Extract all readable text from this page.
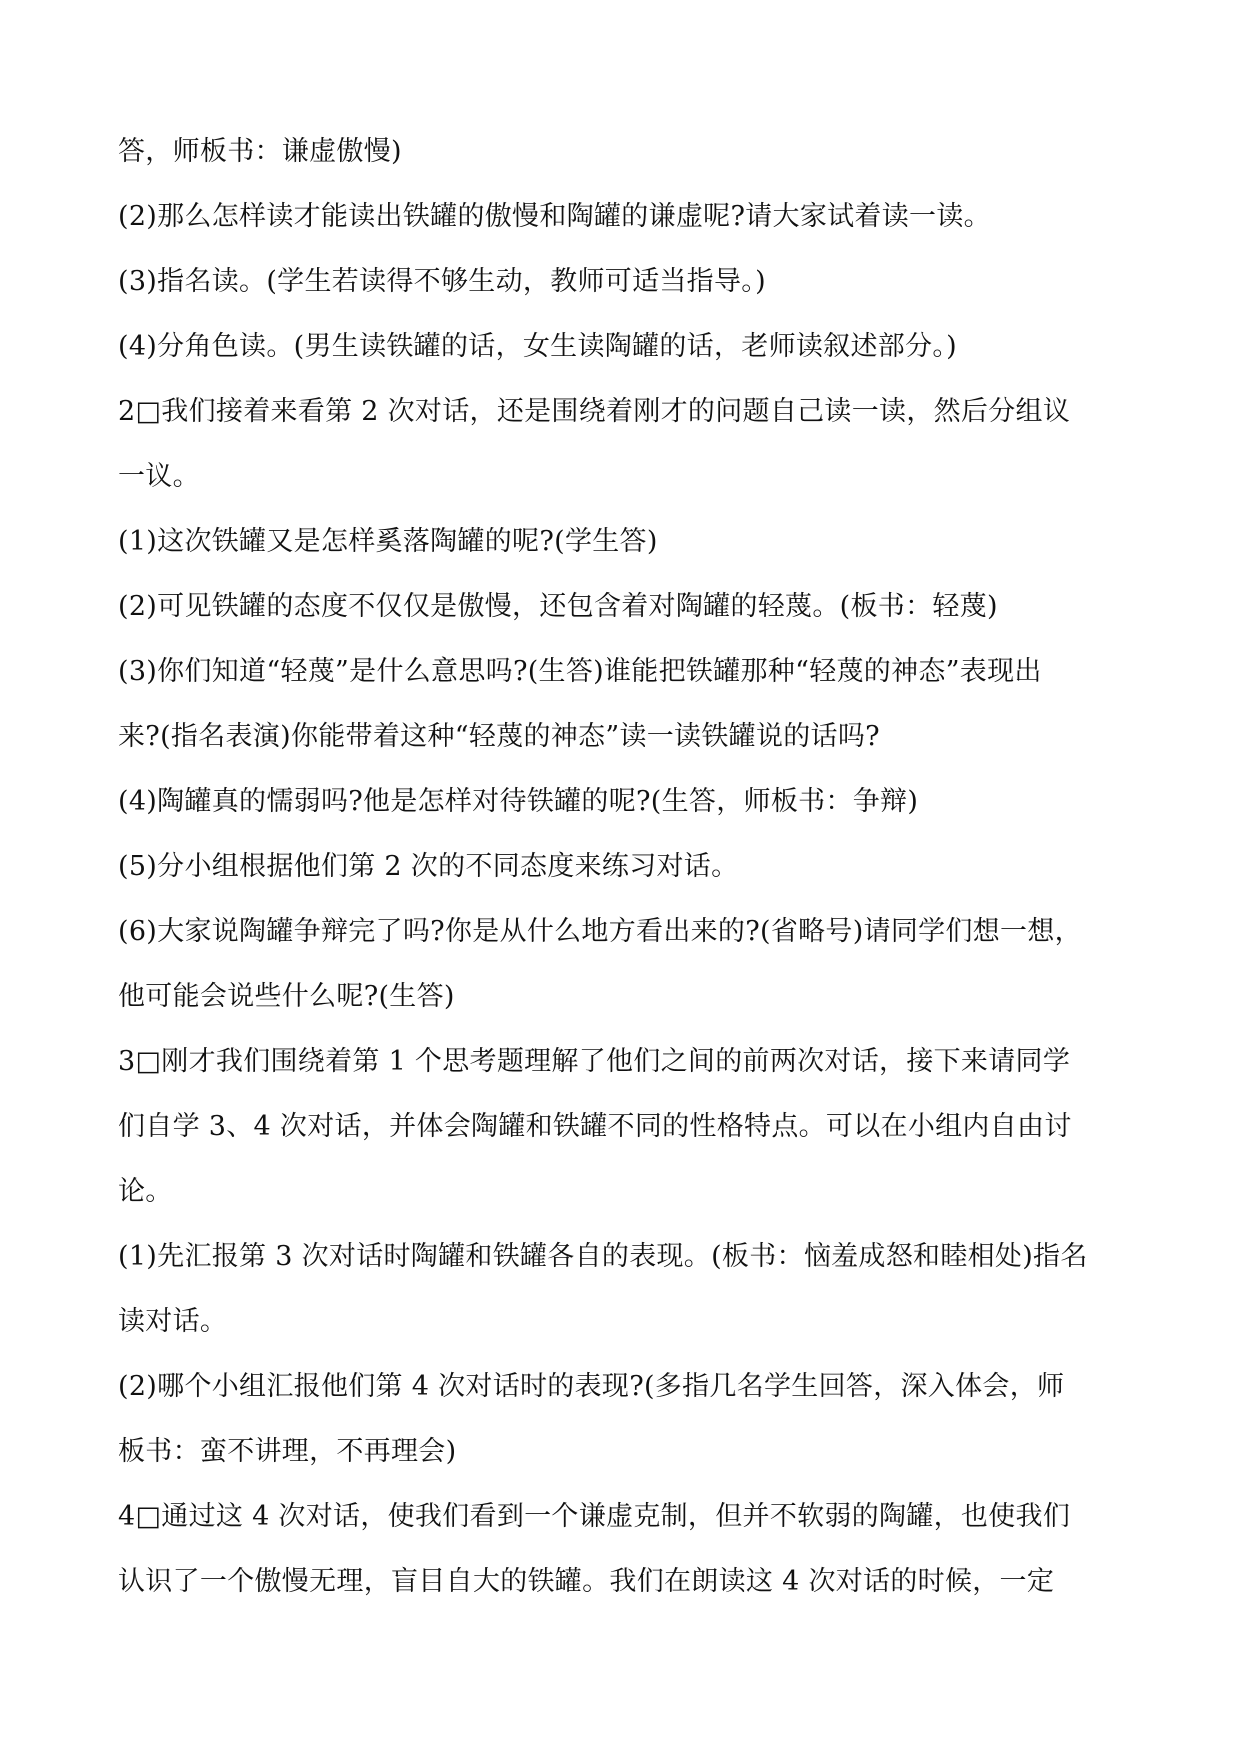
答，师板书：谦虚傲慢)
(2)那么怎样读才能读出铁罐的傲慢和陶罐的谦虚呢?请大家试着读一读。
(3)指名读。(学生若读得不够生动，教师可适当指导。)
(4)分角色读。(男生读铁罐的话，女生读陶罐的话，老师读叙述部分。)
2□我们接着来看第 2 次对话，还是围绕着刚才的问题自己读一读，然后分组议
一议。
(1)这次铁罐又是怎样奚落陶罐的呢?(学生答)
(2)可见铁罐的态度不仅仅是傲慢，还包含着对陶罐的轻蔑。(板书：轻蔑)
(3)你们知道“轻蔑”是什么意思吗?(生答)谁能把铁罐那种“轻蔑的神态”表现出
来?(指名表演)你能带着这种“轻蔑的神态”读一读铁罐说的话吗?
(4)陶罐真的懦弱吗?他是怎样对待铁罐的呢?(生答，师板书：争辩)
(5)分小组根据他们第 2 次的不同态度来练习对话。
(6)大家说陶罐争辩完了吗?你是从什么地方看出来的?(省略号)请同学们想一想，
他可能会说些什么呢?(生答)
3□刚才我们围绕着第 1 个思考题理解了他们之间的前两次对话，接下来请同学
们自学 3、4 次对话，并体会陶罐和铁罐不同的性格特点。可以在小组内自由讨
论。
(1)先汇报第 3 次对话时陶罐和铁罐各自的表现。(板书：恼羞成怒和睦相处)指名
读对话。
(2)哪个小组汇报他们第 4 次对话时的表现?(多指几名学生回答，深入体会，师
板书：蛮不讲理，不再理会)
4□通过这 4 次对话，使我们看到一个谦虚克制，但并不软弱的陶罐，也使我们
认识了一个傲慢无理，盲目自大的铁罐。我们在朗读这 4 次对话的时候，一定
